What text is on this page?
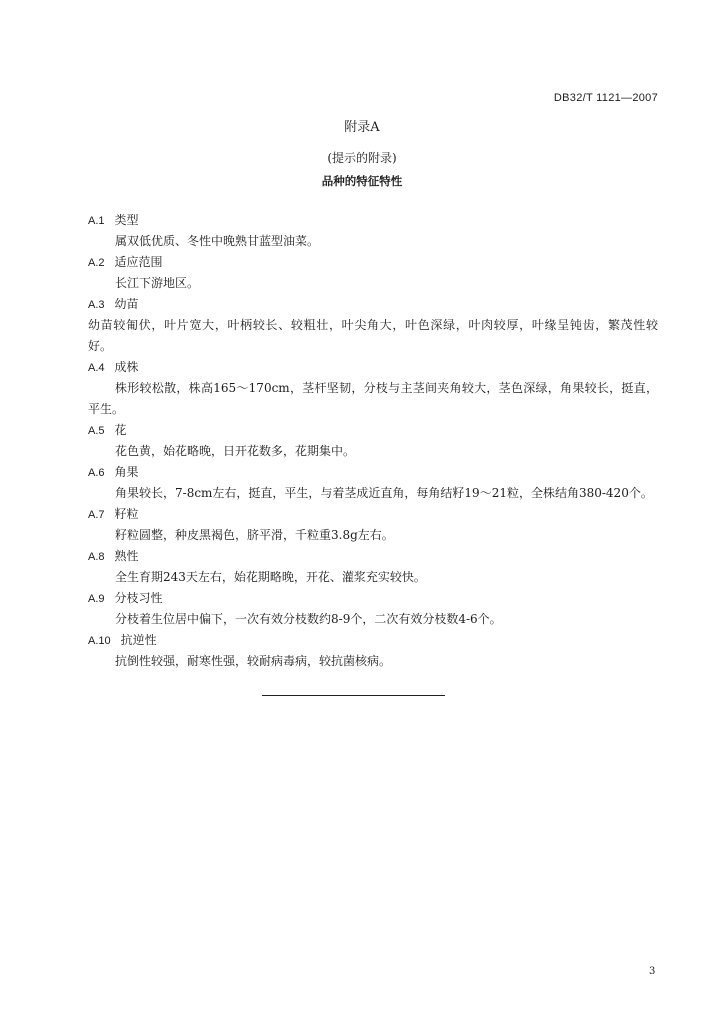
DB32/T 1121—2007
附录A
(提示的附录)
品种的特征特性
A.1 类型
属双低优质、冬性中晚熟甘蓝型油菜。
A.2 适应范围
长江下游地区。
A.3 幼苗
幼苗较匍伏，叶片宽大，叶柄较长、较粗壮，叶尖角大，叶色深绿，叶肉较厚，叶缘呈钝齿，繁茂性较
好。
A.4 成株
株形较松散，株高165～170cm，茎杆坚韧，分枝与主茎间夹角较大，茎色深绿，角果较长，挺直，
平生。
A.5 花
花色黄，始花略晚，日开花数多，花期集中。
A.6 角果
角果较长，7-8cm左右，挺直，平生，与着茎成近直角，每角结籽19～21粒，全株结角380-420个。
A.7 籽粒
籽粒圆整，种皮黑褐色，脐平滑，千粒重3.8g左右。
A.8 熟性
全生育期243天左右，始花期略晚，开花、灌浆充实较快。
A.9 分枝习性
分枝着生位居中偏下，一次有效分枝数约8-9个，二次有效分枝数4-6个。
A.10 抗逆性
抗倒性较强，耐寒性强，较耐病毒病，较抗菌核病。
3
